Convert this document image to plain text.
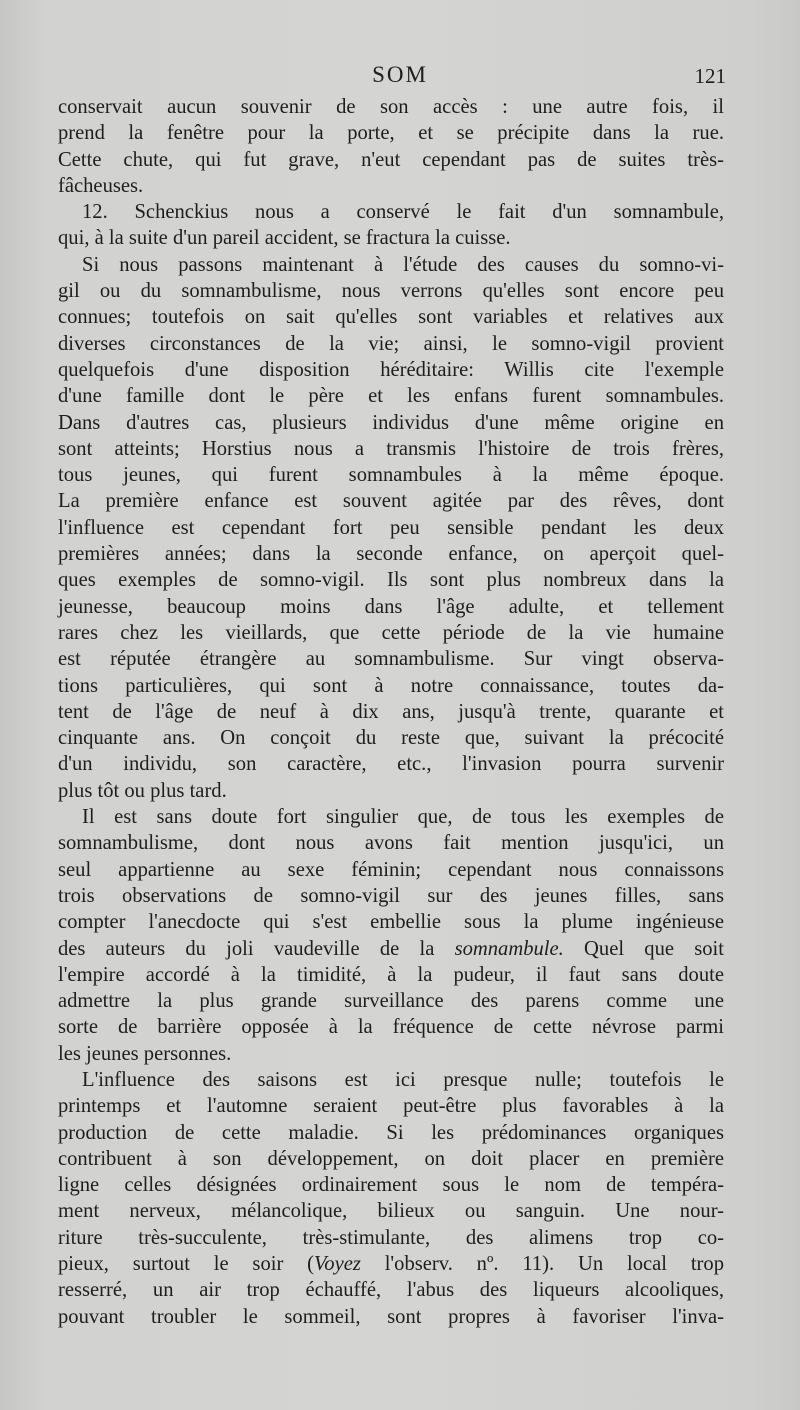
SOM	121
conservait aucun souvenir de son accès : une autre fois, il
prend la fenêtre pour la porte, et se précipite dans la rue.
Cette chute, qui fut grave, n'eut cependant pas de suites très-
fâcheuses.
12. Schenckius nous a conservé le fait d'un somnambule,
qui, à la suite d'un pareil accident, se fractura la cuisse.
Si nous passons maintenant à l'étude des causes du somno-vi-
gil ou du somnambulisme, nous verrons qu'elles sont encore peu
connues; toutefois on sait qu'elles sont variables et relatives aux
diverses circonstances de la vie; ainsi, le somno-vigil provient
quelquefois d'une disposition héréditaire: Willis cite l'exemple
d'une famille dont le père et les enfans furent somnambules.
Dans d'autres cas, plusieurs individus d'une même origine en
sont atteints; Horstius nous a transmis l'histoire de trois frères,
tous jeunes, qui furent somnambules à la même époque.
La première enfance est souvent agitée par des rêves, dont
l'influence est cependant fort peu sensible pendant les deux
premières années; dans la seconde enfance, on aperçoit quel-
ques exemples de somno-vigil. Ils sont plus nombreux dans la
jeunesse, beaucoup moins dans l'âge adulte, et tellement
rares chez les vieillards, que cette période de la vie humaine
est réputée étrangère au somnambulisme. Sur vingt observa-
tions particulières, qui sont à notre connaissance, toutes da-
tent de l'âge de neuf à dix ans, jusqu'à trente, quarante et
cinquante ans. On conçoit du reste que, suivant la précocité
d'un individu, son caractère, etc., l'invasion pourra survenir
plus tôt ou plus tard.
Il est sans doute fort singulier que, de tous les exemples de
somnambulisme, dont nous avons fait mention jusqu'ici, un
seul appartienne au sexe féminin; cependant nous connaissons
trois observations de somno-vigil sur des jeunes filles, sans
compter l'anecdocte qui s'est embellie sous la plume ingénieuse
des auteurs du joli vaudeville de la somnambule. Quel que soit
l'empire accordé à la timidité, à la pudeur, il faut sans doute
admettre la plus grande surveillance des parens comme une
sorte de barrière opposée à la fréquence de cette névrose parmi
les jeunes personnes.
L'influence des saisons est ici presque nulle; toutefois le
printemps et l'automne seraient peut-être plus favorables à la
production de cette maladie. Si les prédominances organiques
contribuent à son développement, on doit placer en première
ligne celles désignées ordinairement sous le nom de tempéra-
ment nerveux, mélancolique, bilieux ou sanguin. Une nour-
riture très-succulente, très-stimulante, des alimens trop co-
pieux, surtout le soir (Voyez l'observ. nº. 11). Un local trop
resserré, un air trop échauffé, l'abus des liqueurs alcooliques,
pouvant troubler le sommeil, sont propres à favoriser l'inva-
